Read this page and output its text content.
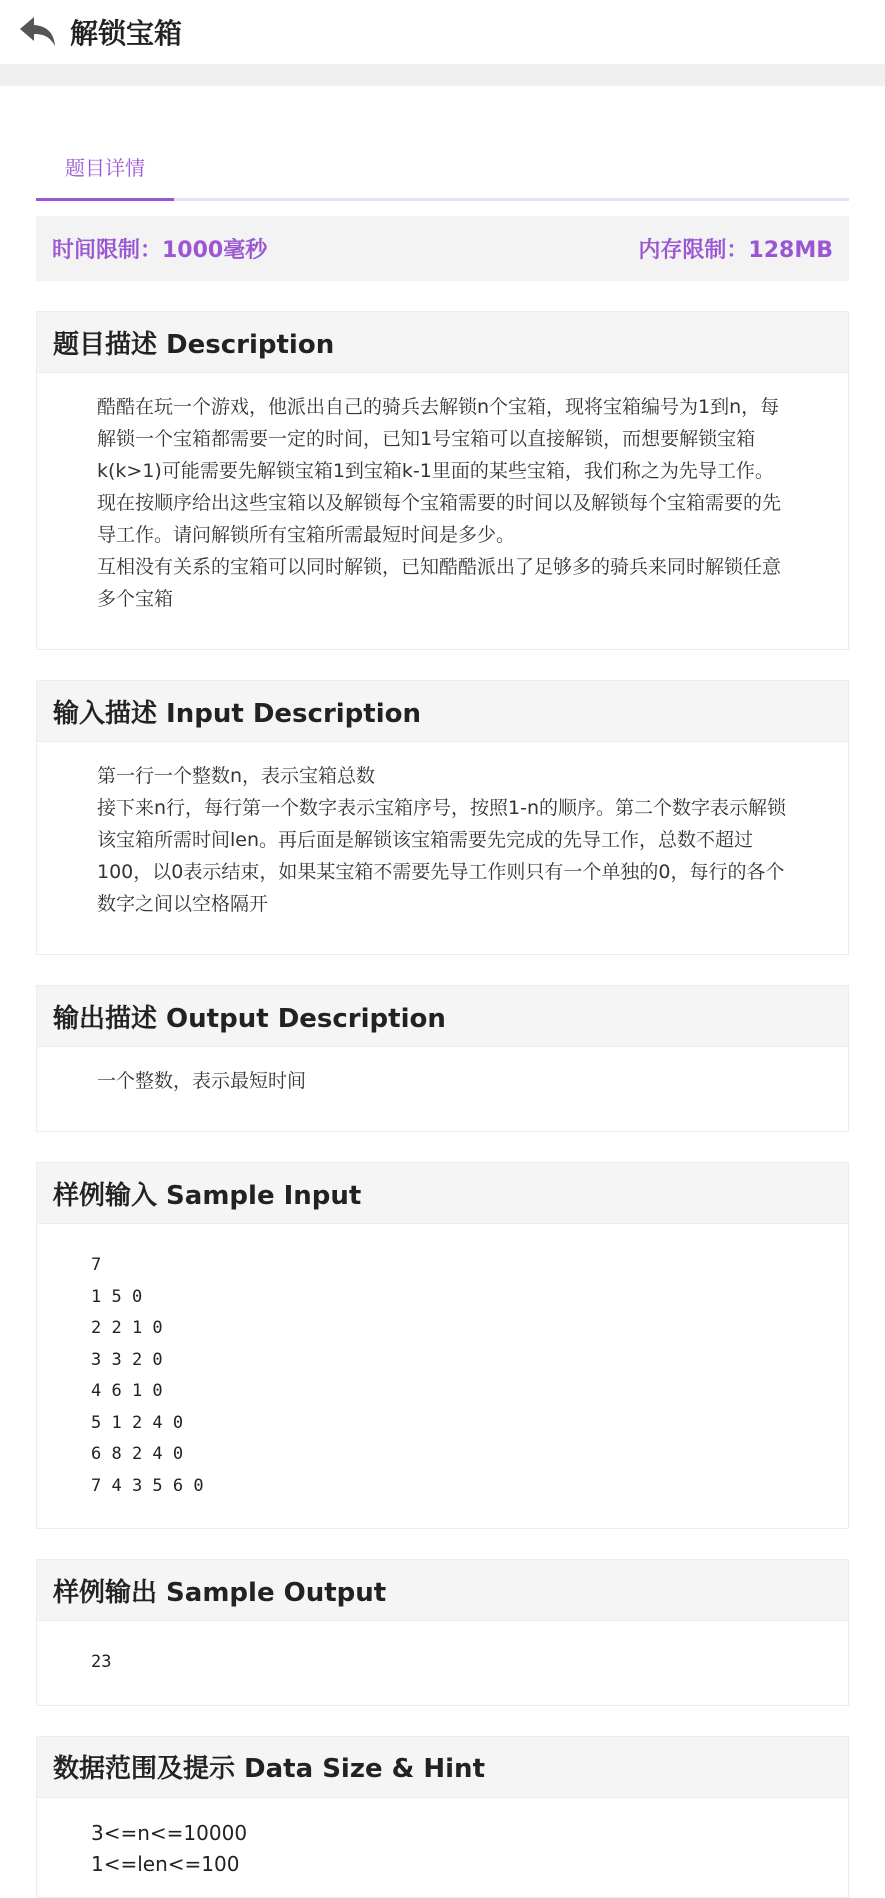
解锁宝箱
题目详情
时间限制：1000毫秒	内存限制：128MB
题目描述 Description

酷酷在玩一个游戏，他派出自己的骑兵去解锁n个宝箱，现将宝箱编号为1到n，每解锁一个宝箱都需要一定的时间，已知1号宝箱可以直接解锁，而想要解锁宝箱k(k>1)可能需要先解锁宝箱1到宝箱k-1里面的某些宝箱，我们称之为先导工作。现在按顺序给出这些宝箱以及解锁每个宝箱需要的时间以及解锁每个宝箱需要的先导工作。请问解锁所有宝箱所需最短时间是多少。

互相没有关系的宝箱可以同时解锁，已知酷酷派出了足够多的骑兵来同时解锁任意多个宝箱

输入描述 Input Description

第一行一个整数n，表示宝箱总数

接下来n行，每行第一个数字表示宝箱序号，按照1-n的顺序。第二个数字表示解锁该宝箱所需时间len。再后面是解锁该宝箱需要先完成的先导工作，总数不超过100，以0表示结束，如果某宝箱不需要先导工作则只有一个单独的0，每行的各个数字之间以空格隔开

输出描述 Output Description

一个整数，表示最短时间

样例输入 Sample Input
7
1 5 0
2 2 1 0
3 3 2 0
4 6 1 0
5 1 2 4 0
6 8 2 4 0
7 4 3 5 6 0
样例输出 Sample Output
23
数据范围及提示 Data Size & Hint
3<=n<=10000
1<=len<=100
